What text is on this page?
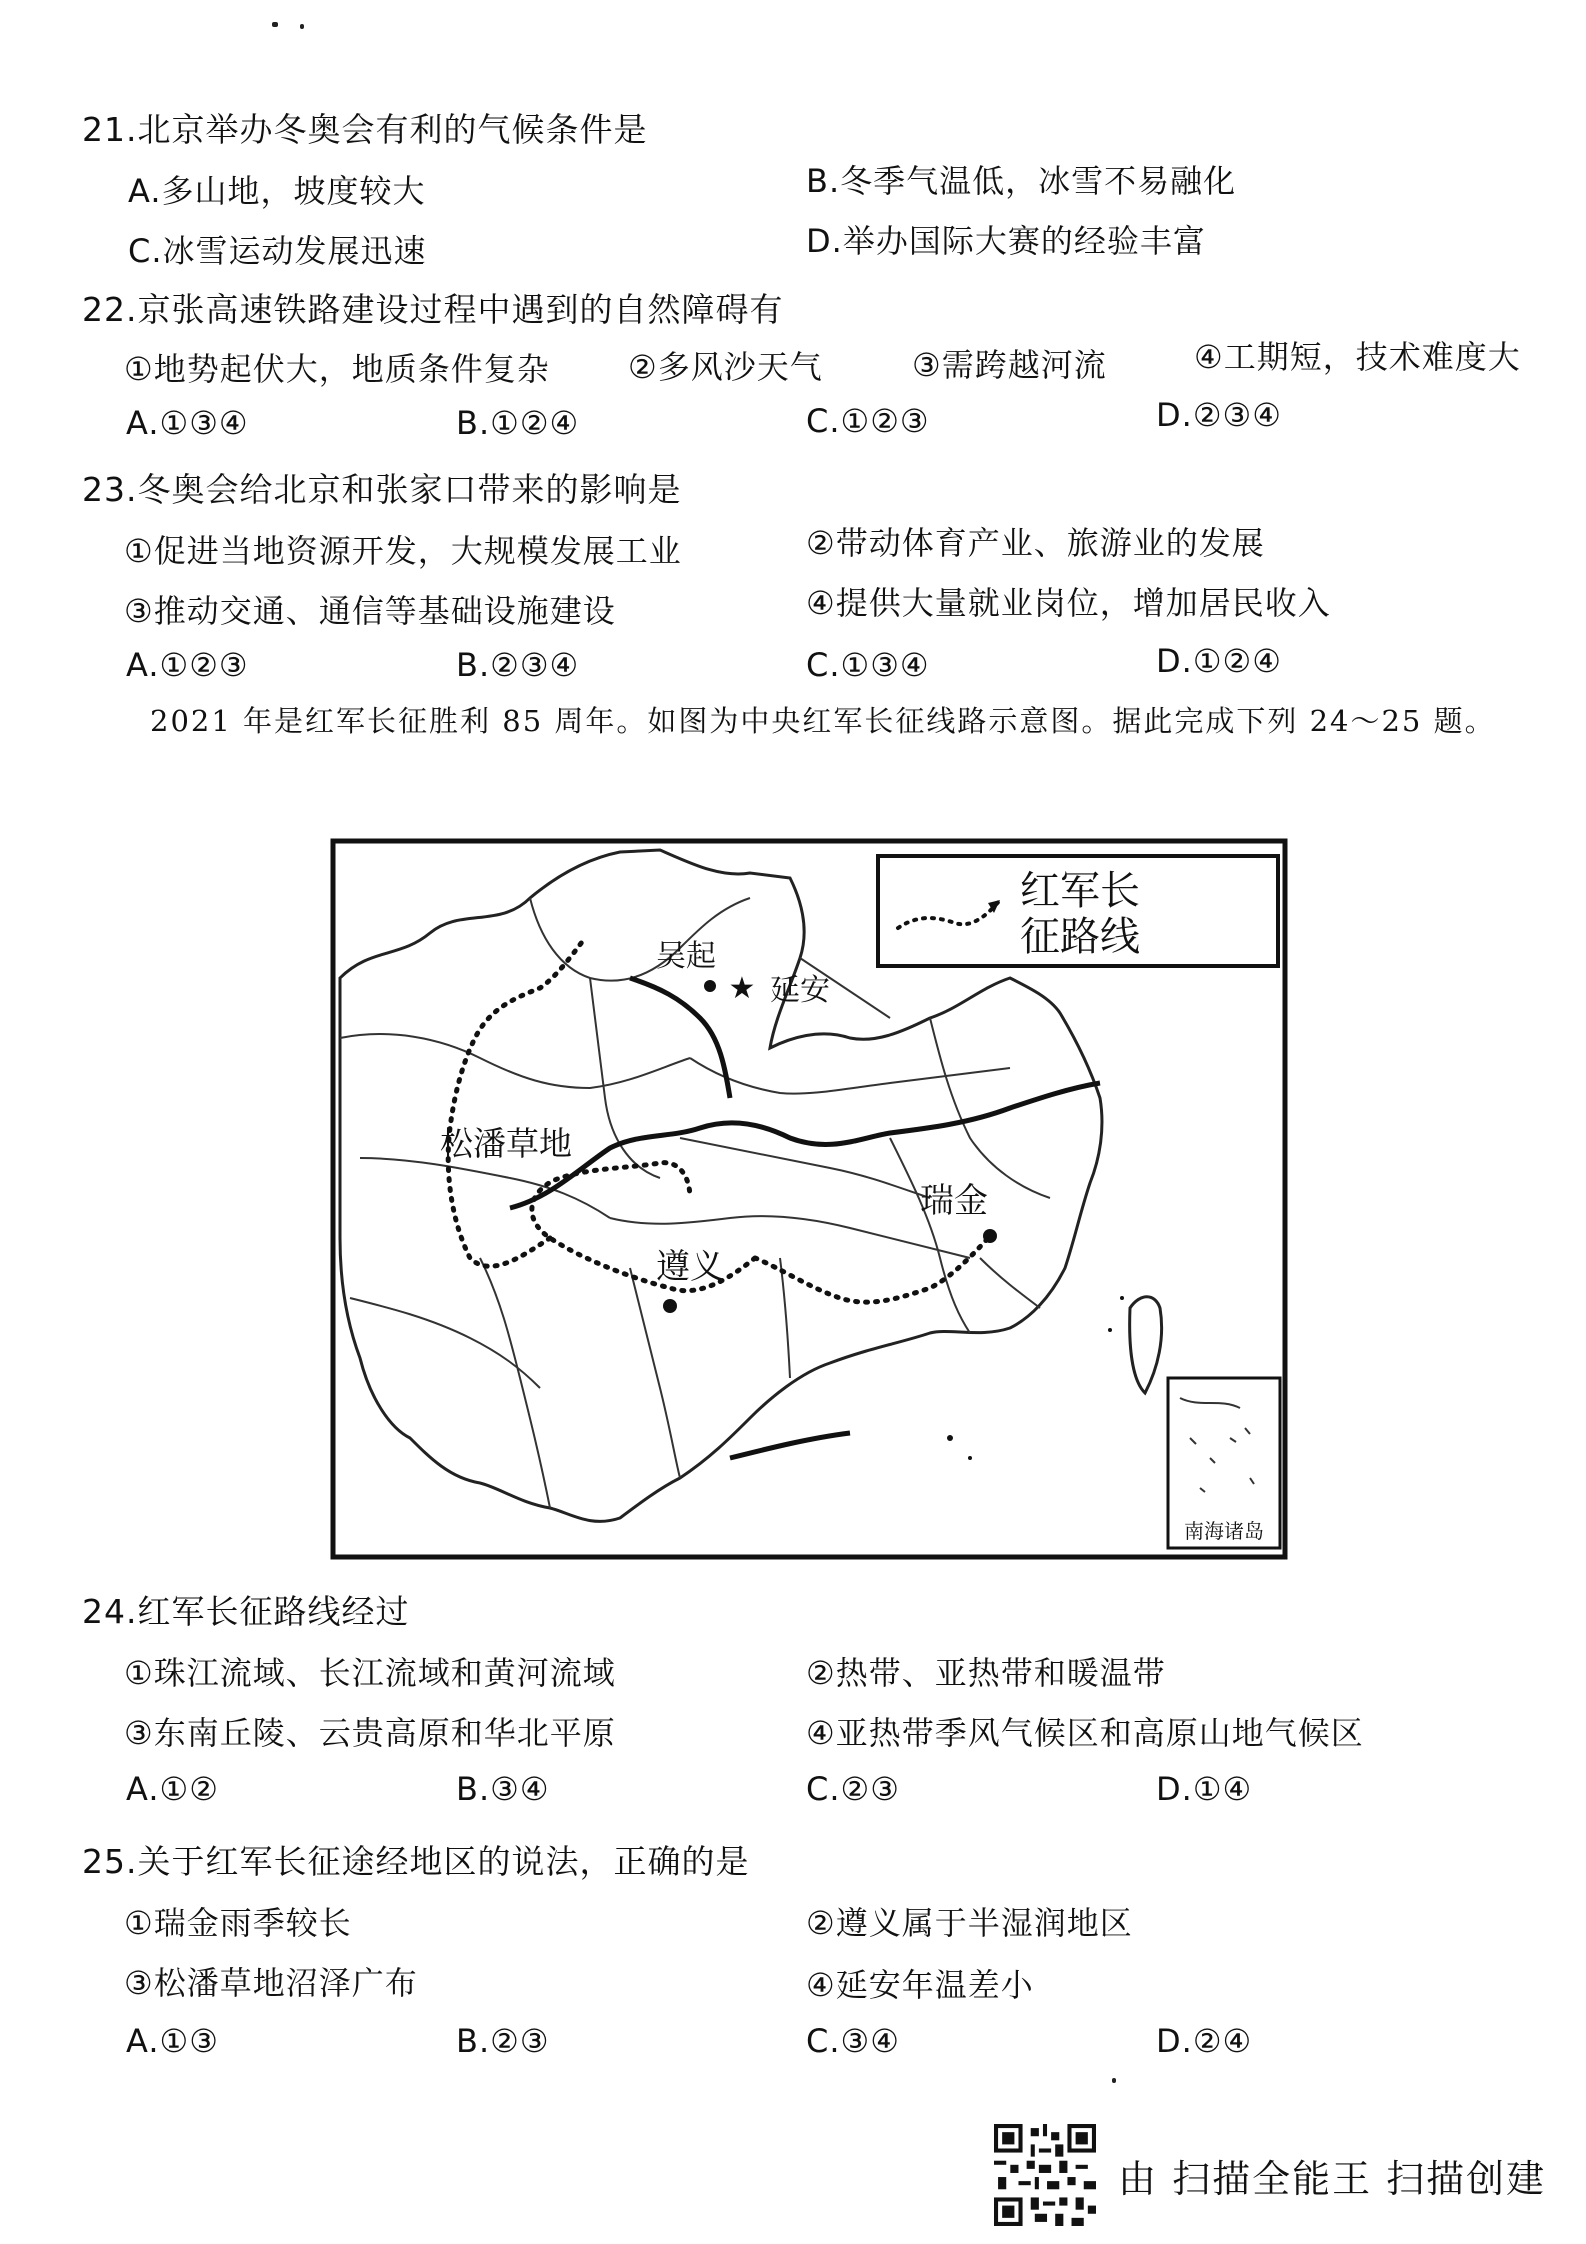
21.北京举办冬奥会有利的气候条件是
A.多山地，坡度较大	B.冬季气温低，冰雪不易融化
C.冰雪运动发展迅速	D.举办国际大赛的经验丰富
22.京张高速铁路建设过程中遇到的自然障碍有
①地势起伏大，地质条件复杂 ②多风沙天气	③需跨越河流	④工期短，技术难度大
A.①③④	B.①②④	C.①②③	D.②③④
23.冬奥会给北京和张家口带来的影响是
①促进当地资源开发，大规模发展工业	②带动体育产业、旅游业的发展
③推动交通、通信等基础设施建设	④提供大量就业岗位，增加居民收入
A.①②③	B.②③④	C.①③④	D.①②④
2021 年是红军长征胜利 85 周年。如图为中央红军长征线路示意图。据此完成下列 24～25 题。
★
吴起
延安
松潘草地
遵义
瑞金
红军长
征路线
南海诸岛
24.红军长征路线经过
①珠江流域、长江流域和黄河流域	②热带、亚热带和暖温带
③东南丘陵、云贵高原和华北平原	④亚热带季风气候区和高原山地气候区
A.①②	B.③④	C.②③	D.①④
25.关于红军长征途经地区的说法，正确的是
①瑞金雨季较长	②遵义属于半湿润地区
③松潘草地沼泽广布	④延安年温差小
A.①③	B.②③	C.③④	D.②④
由 扫描全能王 扫描创建
